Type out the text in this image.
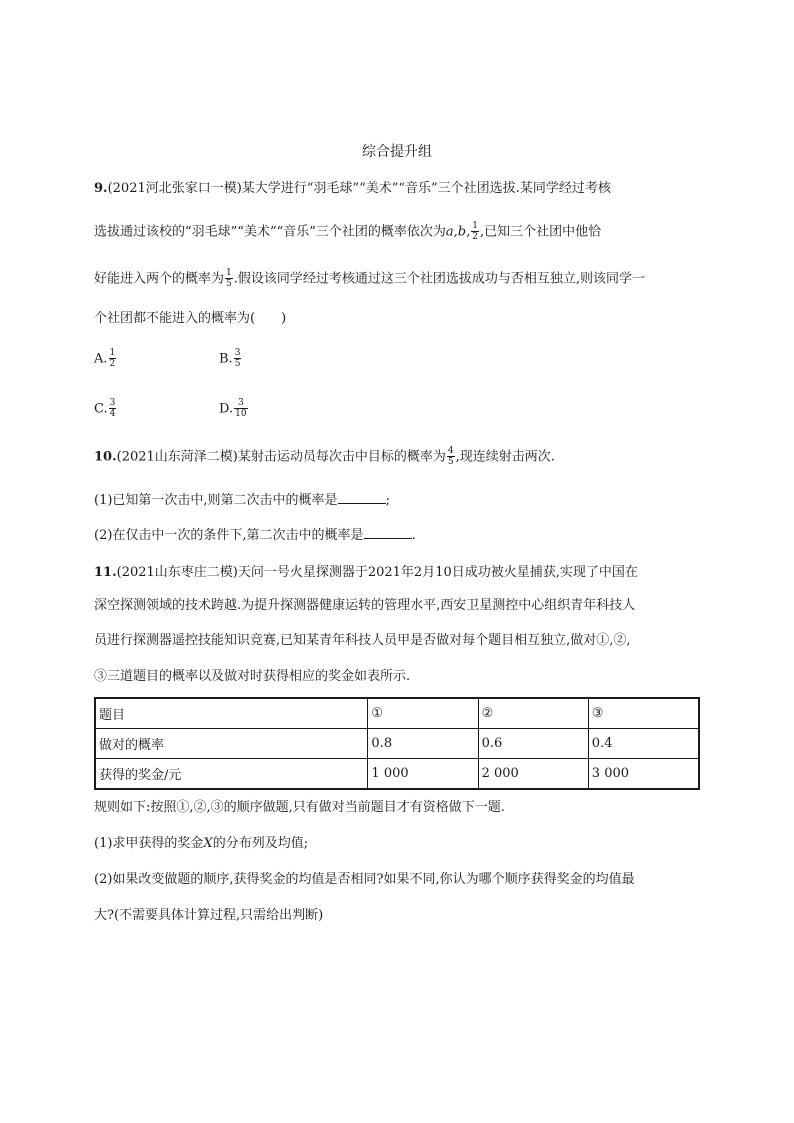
综合提升组
9.(2021河北张家口一模)某大学进行“羽毛球”“美术”“音乐”三个社团选拔.某同学经过考核
选拔通过该校的“羽毛球”“美术”“音乐”三个社团的概率依次为a,b, $\frac{1}{2}$ ,已知三个社团中他恰
好能进入两个的概率为 $\frac{1}{5}$ .假设该同学经过考核通过这三个社团选拔成功与否相互独立,则该同学一
个社团都不能进入的概率为(　　)
A. $\frac{1}{2}$	B. $\frac{3}{5}$
C. $\frac{3}{4}$	D. $\frac{3}{10}$
10.(2021山东菏泽二模)某射击运动员每次击中目标的概率为 $\frac{4}{5}$ ,现连续射击两次.
(1)已知第一次击中,则第二次击中的概率是	;
(2)在仅击中一次的条件下,第二次击中的概率是	.
11.(2021山东枣庄二模)天问一号火星探测器于2021年2月10日成功被火星捕获,实现了中国在
深空探测领域的技术跨越.为提升探测器健康运转的管理水平,西安卫星测控中心组织青年科技人
员进行探测器遥控技能知识竞赛,已知某青年科技人员甲是否做对每个题目相互独立,做对①,②,
③三道题目的概率以及做对时获得相应的奖金如表所示.
题目	①	②	③
做对的概率	0.8	0.6	0.4
获得的奖金/元	1 000	2 000	3 000
规则如下:按照①,②,③的顺序做题,只有做对当前题目才有资格做下一题.
(1)求甲获得的奖金X的分布列及均值;
(2)如果改变做题的顺序,获得奖金的均值是否相同?如果不同,你认为哪个顺序获得奖金的均值最
大?(不需要具体计算过程,只需给出判断)
